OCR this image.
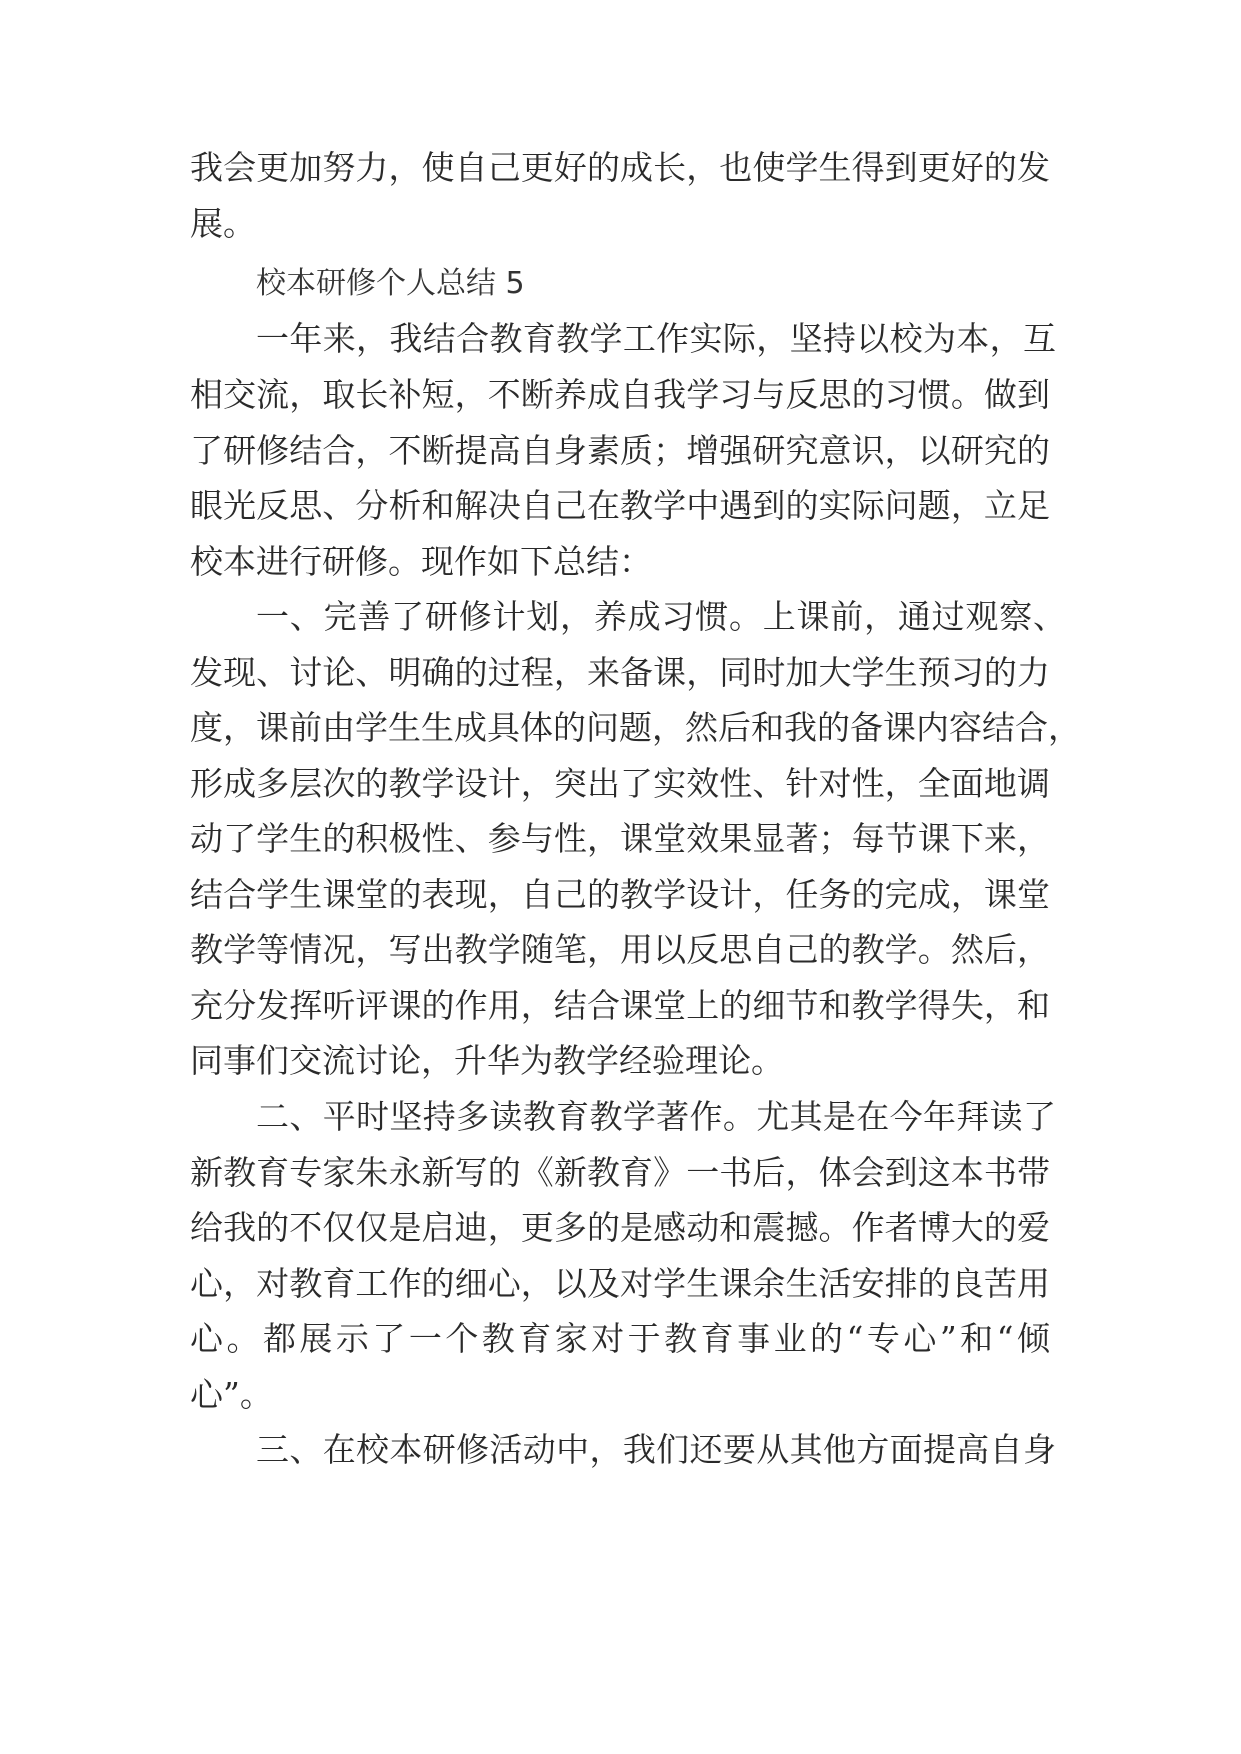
我会更加努力，使自己更好的成长，也使学生得到更好的发
展。
校本研修个人总结 5
一年来，我结合教育教学工作实际，坚持以校为本，互
相交流，取长补短，不断养成自我学习与反思的习惯。做到
了研修结合，不断提高自身素质；增强研究意识，以研究的
眼光反思、分析和解决自己在教学中遇到的实际问题，立足
校本进行研修。现作如下总结：
一、完善了研修计划，养成习惯。上课前，通过观察、
发现、讨论、明确的过程，来备课，同时加大学生预习的力
度，课前由学生生成具体的问题，然后和我的备课内容结合，
形成多层次的教学设计，突出了实效性、针对性，全面地调
动了学生的积极性、参与性，课堂效果显著；每节课下来，
结合学生课堂的表现，自己的教学设计，任务的完成，课堂
教学等情况，写出教学随笔，用以反思自己的教学。然后，
充分发挥听评课的作用，结合课堂上的细节和教学得失，和
同事们交流讨论，升华为教学经验理论。
二、平时坚持多读教育教学著作。尤其是在今年拜读了
新教育专家朱永新写的《新教育》一书后，体会到这本书带
给我的不仅仅是启迪，更多的是感动和震撼。作者博大的爱
心，对教育工作的细心，以及对学生课余生活安排的良苦用
心。都展示了一个教育家对于教育事业的“专心”和“倾
心”。
三、在校本研修活动中，我们还要从其他方面提高自身
